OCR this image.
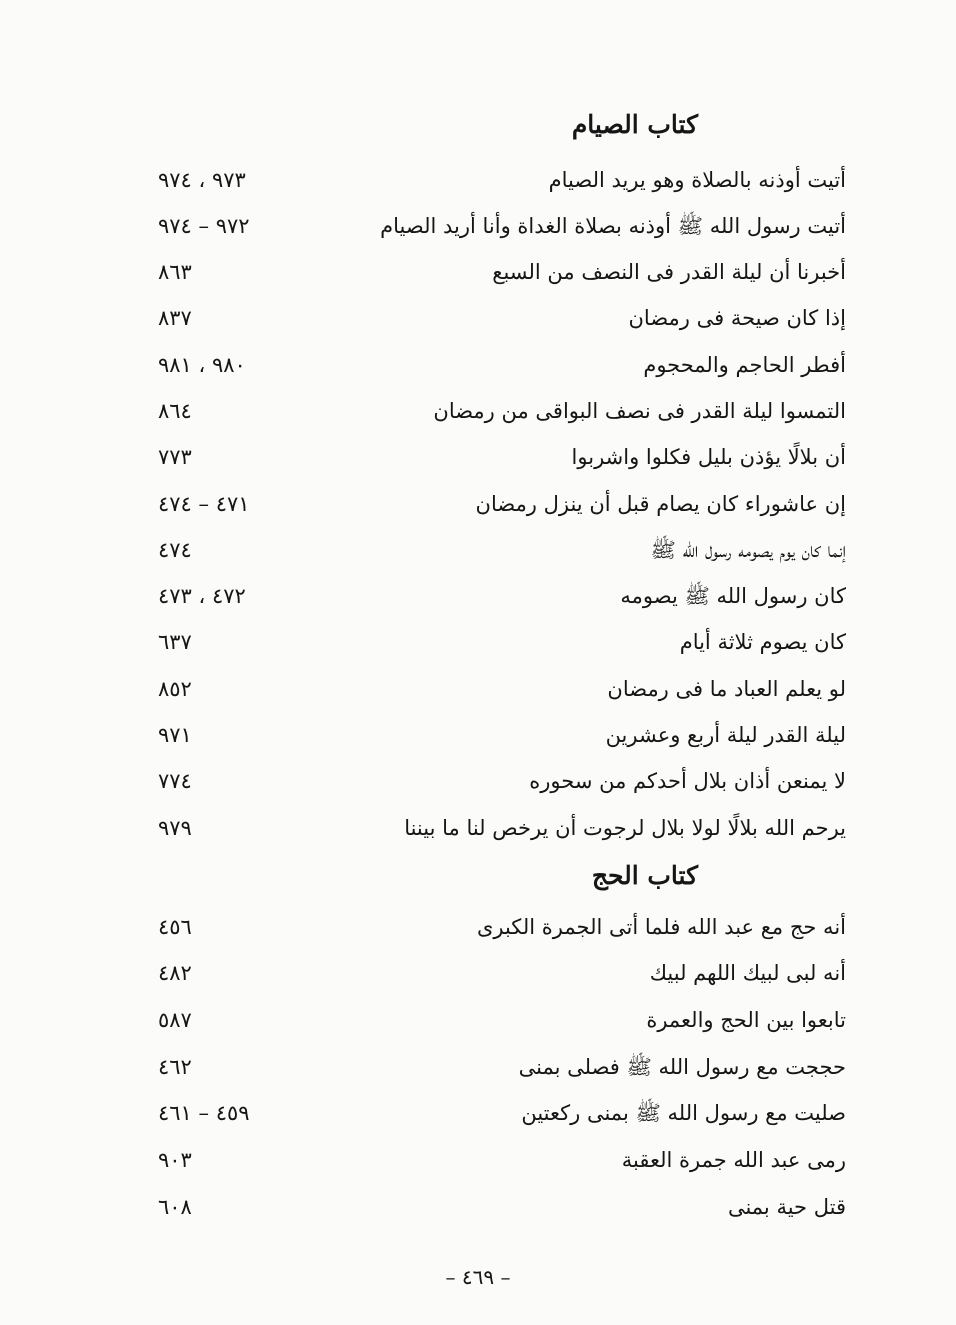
كتاب الصيام
أتيت أوذنه بالصلاة وهو يريد الصيام
٩٧٣ ، ٩٧٤
أتيت رسول الله ﷺ أوذنه بصلاة الغداة وأنا أريد الصيام
٩٧٢ – ٩٧٤
أخبرنا أن ليلة القدر فى النصف من السبع
٨٦٣
إذا كان صيحة فى رمضان
٨٣٧
أفطر الحاجم والمحجوم
٩٨٠ ، ٩٨١
التمسوا ليلة القدر فى نصف البواقى من رمضان
٨٦٤
أن بلالًا يؤذن بليل فكلوا واشربوا
٧٧٣
إن عاشوراء كان يصام قبل أن ينزل رمضان
٤٧١ – ٤٧٤
إنما كان يوم يصومه رسول الله ﷺ
٤٧٤
كان رسول الله ﷺ يصومه
٤٧٢ ، ٤٧٣
كان يصوم ثلاثة أيام
٦٣٧
لو يعلم العباد ما فى رمضان
٨٥٢
ليلة القدر ليلة أربع وعشرين
٩٧١
لا يمنعن أذان بلال أحدكم من سحوره
٧٧٤
يرحم الله بلالًا لولا بلال لرجوت أن يرخص لنا ما بيننا
٩٧٩
كتاب الحج
أنه حج مع عبد الله فلما أتى الجمرة الكبرى
٤٥٦
أنه لبى لبيك اللهم لبيك
٤٨٢
تابعوا بين الحج والعمرة
٥٨٧
حججت مع رسول الله ﷺ فصلى بمنى
٤٦٢
صليت مع رسول الله ﷺ بمنى ركعتين
٤٥٩ – ٤٦١
رمى عبد الله جمرة العقبة
٩٠٣
قتل حية بمنى
٦٠٨
– ٤٦٩ –
